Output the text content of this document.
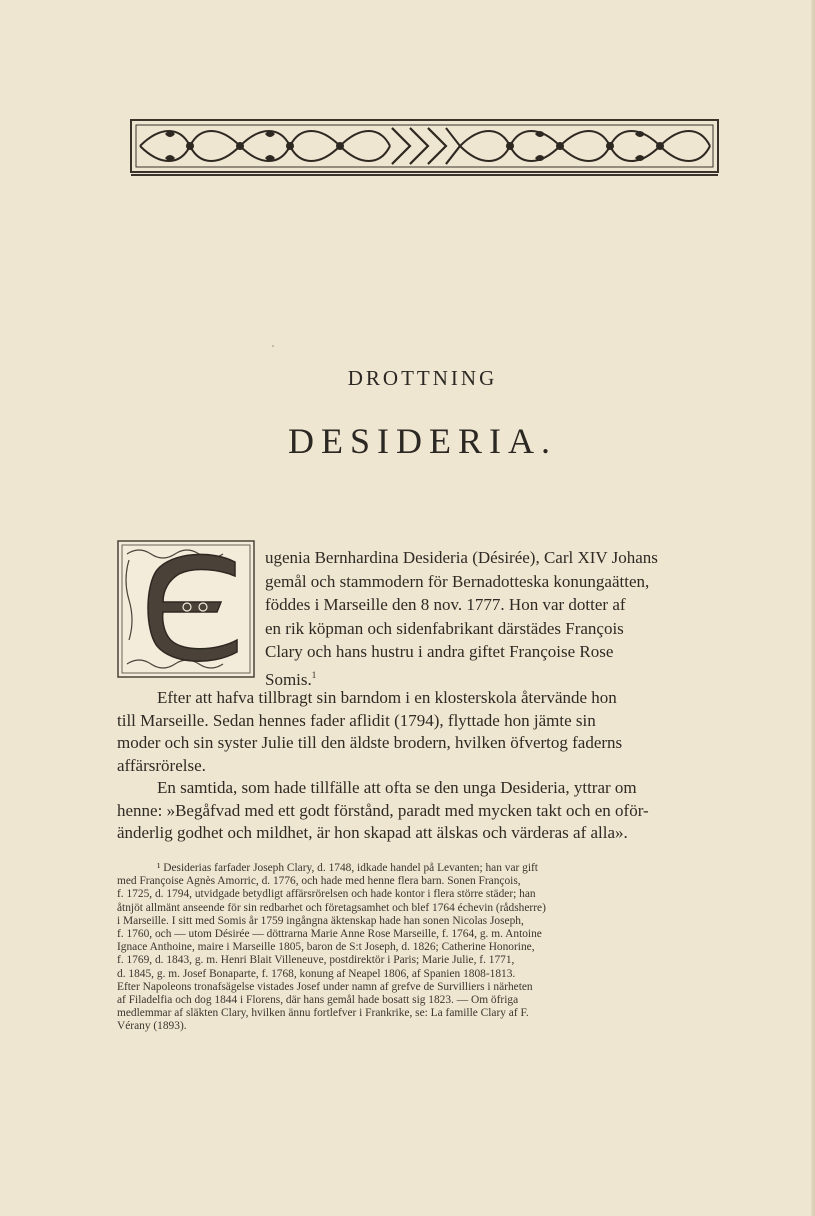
DROTTNING
DESIDERIA.
ugenia Bernhardina Desideria (Désirée), Carl XIV Johans
gemål och stammodern för Bernadotteska konungaätten,
föddes i Marseille den 8 nov. 1777. Hon var dotter af
en rik köpman och sidenfabrikant därstädes François
Clary och hans hustru i andra giftet Françoise Rose
Somis.$^1$
Efter att hafva tillbragt sin barndom i en klosterskola återvände hon
till Marseille. Sedan hennes fader aflidit (1794), flyttade hon jämte sin
moder och sin syster Julie till den äldste brodern, hvilken öfvertog faderns
affärsrörelse.
En samtida, som hade tillfälle att ofta se den unga Desideria, yttrar om
henne: »Begåfvad med ett godt förstånd, paradt med mycken takt och en oför-
änderlig godhet och mildhet, är hon skapad att älskas och värderas af alla».
¹ Desiderias farfader Joseph Clary, d. 1748, idkade handel på Levanten; han var gift
med Françoise Agnès Amorric, d. 1776, och hade med henne flera barn. Sonen François,
f. 1725, d. 1794, utvidgade betydligt affärsrörelsen och hade kontor i flera större städer; han
åtnjöt allmänt anseende för sin redbarhet och företagsamhet och blef 1764 échevin (rådsherre)
i Marseille. I sitt med Somis år 1759 ingångna äktenskap hade han sonen Nicolas Joseph,
f. 1760, och — utom Désirée — döttrarna Marie Anne Rose Marseille, f. 1764, g. m. Antoine
Ignace Anthoine, maire i Marseille 1805, baron de S:t Joseph, d. 1826; Catherine Honorine,
f. 1769, d. 1843, g. m. Henri Blait Villeneuve, postdirektör i Paris; Marie Julie, f. 1771,
d. 1845, g. m. Josef Bonaparte, f. 1768, konung af Neapel 1806, af Spanien 1808-1813.
Efter Napoleons tronafsägelse vistades Josef under namn af grefve de Survilliers i närheten
af Filadelfia och dog 1844 i Florens, där hans gemål hade bosatt sig 1823. — Om öfriga
medlemmar af släkten Clary, hvilken ännu fortlefver i Frankrike, se: La famille Clary af F.
Vérany (1893).
